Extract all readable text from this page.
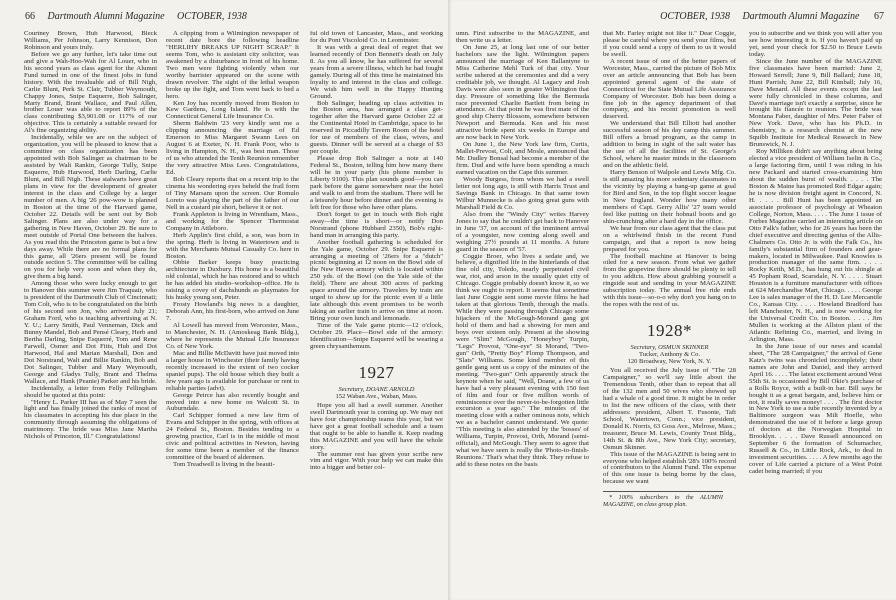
66 Dartmouth Alumni Magazine OCTOBER, 1938

Courtney Brown, Hub Harwood, Bleck Williams, Per Johnson, Larry Kennison, Don Robinson and yours truly.

Before we go any further, let's take time out and give a Wah-Hoo-Wah for Al Louer, who in his second years as class agent for the Alumni Fund turned in one of the finest jobs in fund history. With the invaluable aid of Bill Nigh, Carlie Blunt, Perk St. Clair, Tubber Weymouth, Chappy Jones, Snipe Esquerre, Bob Salinger, Marty Brand, Brant Wallace, and Paul Allen, brother Louer was able to report 89% of the class contributing $3,901.08 or 117% of our objective. This is certainly a suitable reward for Al's fine organizing ability.

Incidentally, while we are on the subject of organization, you will be pleased to know that a committee on class organization has been appointed with Bob Salinger as chairman to be assisted by Walt Rankin, George Tully, Snipe Esquerre, Hub Harwood, Herb Darling, Carlie Blunt, and Bill Nigh. These stalwarts have great plans in view for the development of greater interest in the class and College by a larger number of men. A big '26 pow-wow is planned in Boston at the time of the Harvard game, October 22. Details will be sent out by Bob Salinger. Plans are also under way for a gathering in New Haven, October 29. Be sure to meet outside of Portal One between the halves. As you read this the Princeton game is but a few days away. While there are no formal plans for this game, all '26ers present will be found outside section 5. The committee will be calling on you for help very soon and when they do, give them a big hand.

Among those who were lucky enough to get to Hanover this summer were Jim Traquair, who is president of the Dartmouth Club of Cincinnati; Tom Colt, who is to be congratulated on the birth of his second son Jon, who arrived July 21; Graham Ford, who is teaching advertising at N. Y. U.; Larry Smith, Paul Venneman, Dick and Bunny Mandel, Bob and Pensé Cleary, Herb and Bertha Darling, Snipe Esquerré, Tom and Rene Farwell, Osmer and Dot Fitts, Hub and Dot Harwood, Hal and Marian Marshall, Don and Dot Norstrand, Walt and Billie Rankin, Bob and Dot Salinger, Tubber and Mary Weymouth, George and Gladys Tully, Brant and Thelma Wallace, and Hank (Peanie) Parker and his bride.

Incidentally, a letter from Felly Fellingham should be quoted at this point:

"Henry L. Parker III has as of May 7 seen the light and has finally joined the ranks of most of his classmates in accepting his due place in the community through assuming the obligations of matrimony. The bride was Miss Jane Martha Nichols of Princeton, Ill." Congratulations!

A clipping from a Wilmington newspaper of recent date bore the following headline "HERLIHY BREAKS UP NIGHT SCRAP." It seems Tom, who is assistant city solicitor, was awakened by a disturbance in front of his home. Two men were fighting violently when our worthy barrister appeared on the scene with drawn revolver. The sight of the lethal weapon broke up the fight, and Tom went back to bed a hero.

Ken Joy has recently moved from Boston to Kew Gardens, Long Island. He is with the Connecticut General Life Insurance Co.

Sherm Baldwin '23 very kindly sent me a clipping announcing the marriage of Ed Emerson to Miss Margaret Swann Lees on August 6 at Exeter, N. H. Frank Poor, who is living in Hampton, N. H., was best man. Those of us who attended the Tenth Reunion remember the very attractive Miss Lees. Congratulations, Ed.

Bob Cleary reports that on a recent trip to the cinema his wondering eyes beheld the frail form of Tiny Marsam upon the screen. Our Romulo Loreto was playing the part of the father of our Nell in a custard pie short, believe it or not.

Frank Appleton is living in Wrentham, Mass., and working for the Spencer Thermostat Company in Attleboro.

Herb Applin's first child, a son, was born in the spring. Herb is living in Watertown and is with the Merchants Mutual Casualty Co. here in Boston.

Obbie Barker keeps busy practicing architecture in Duxbury. His home is a beautiful old colonial, which he has restored and to which he has added his studio–workshop–office. He is raising a covey of dachshunds as playmates for his husky young son, Peter.

Frosty Howland's big news is a daughter, Deborah Ann, his first-born, who arrived on June 7.

Al Lowell has moved from Worcester, Mass., to Manchester, N. H. (Amoskeag Bank Bldg.), where he represents the Mutual Life Insurance Co. of New York.

Mac and Billie McDavitt have just moved into a larger house in Winchester (their family having recently increased to the extent of two cocker spaniel pups). The old house which they built a few years ago is available for purchase or rent to reliable parties (advt).

George Peirce has also recently bought and moved into a new home on Walcott St. in Auburndale.

Carl Schipper formed a new law firm of Evans and Schipper in the spring, with offices at 24 Federal St., Boston. Besides tending to a growing practice, Carl is in the middle of most civic and political activities in Newton, having for some time been a member of the finance committee of the board of aldermen.

Tom Treadwell is living in the beauti-

ful old town of Lancaster, Mass., and working for du Pont Viscoloid Co. in Leominster.

It was with a great deal of regret that we learned recently of Don Bennett's death on July 8. As you all know, he has suffered for several years from a severe illness, which he had fought gamely. During all of this time he maintained his loyalty to and interest in the class and college. We wish him well in the Happy Hunting Ground.

Bob Salinger, heading up class activities in the Boston area, has arranged a class get-together after the Harvard game October 22 at the Continental Hotel in Cambridge, space to be reserved in Piccadilly Tavern Room of the hotel for use of members of the class, wives, and guests. Dinner will be served at a charge of $3 per couple.

Please drop Bob Salinger a note at 140 Federal St., Boston, telling him how many there will be in your party (his phone number is Liberty 9100). This plan sounds good—you can park before the game somewhere near the hotel and walk to and from the stadium. There will be a leisurely hour before dinner and the evening is left free for those who have other plans.

Don't forget to get in touch with Bob right away—the time is short—or notify Don Norstrand (phone Hubbard 2350), Bob's right-hand man in arranging this party.

Another football gathering is scheduled for the Yale game, October 29. Snipe Esquerré is arranging a meeting of '26ers for a "dutch" picnic beginning at 12 noon on the Bowl side of the New Haven armory which is located within 250 yds. of the Bowl (on the Yale side of the field). There are about 300 acres of parking space around the armory. Travelers by train are urged to show up for the picnic even if a little late although this event promises to be worth taking an earlier train to arrive on time at noon. Bring your own lunch and lemonade.

Time of the Yale game picnic—12 o'clock, October 29. Place—Bowl side of the armory: Identification—Snipe Esquerré will be wearing a green chrysanthemum.

1927
Secretary, DOANE ARNOLD
152 Waban Ave., Waban, Mass.

Hope you all had a swell summer. Another swell Dartmouth year is coming up. We may not have four championship teams this year, but we have got a great football schedule and a team that ought to be able to handle it. Keep reading this MAGAZINE and you will have the whole story.

The summer rest has given your scribe new vim and vigor. With your help we can make this into a bigger and better col-

OCTOBER, 1938 Dartmouth Alumni Magazine 67

umn. First subscribe to the MAGAZINE, and then write us a letter.

On June 25, at long last one of our better bachelors saw the light. Wilmington papers announced the marriage of Ken Ballantyne to Miss Catherine Mehl Turk of that city. Your scribe ushered at the ceremonies and did a very creditable job, we thought. Al Lagacy and Josh Davis were also seen in greater Wilmington that day. Pressure of something like the Bermuda race prevented Charlie Bartlett from being in attendance. At that point he was first mate of the good ship Cherry Blossom, somewhere between Newport and Bermuda. Ken and his most attractive bride spent six weeks in Europe and are now back in New York.

On June 1, the New York law firm, Curtis, Mallet-Prevost, Colt, and Mosle, announced that Mr. Dudley Bonsal had become a member of the firm. Dud and wife have been spending a much earned vacation on the Cape this summer.

Woody Burgess, from whom we had a swell letter not long ago, is still with Harris Trust and Savings Bank in Chicago. In that same town Wilbur Munnecke is also going great guns with Marshall Field & Co.

Also from the "Windy City" writes Harvey Jones to say that he couldn't get back to Hanover in June '37, on account of the imminent arrival of a youngster, now coming along swell and weighing 27½ pounds at 11 months. A future guard in the season of '57.

Coggie Broer, who lives a sedate and, we believe, a dignified life in the hinterlands of that fine old city, Toledo, nearly perpetrated civil war, riot, and arson in the usually quiet city of Chicago. Coggie probably doesn't know it, so we think we ought to report. It seems that sometime last June Coggie sent some movie films he had taken at that glorious Tenth, through the mails. While they were passing through Chicago some hijackers of the McGough-Morand gang got hold of them and had a showing for men and boys over sixteen only. Present at the showing were "Slim" McGough, "Honeyboy" Turpin, "Legs" Provost, "One-eye" Si Morand, "Two-gun" Orth, "Pretty Boy" Flomp Thompson, and "Slats" Williams. Some kind member of this gentle gang sent us a copy of the minutes of the meeting. "Two-gun" Orth apparently struck the keynote when he said, "Well, Doane, a few of us have had a very pleasant evening with 150 feet of film and four or five million words of reminiscence over the never-to-be-forgotten little excursion a year ago." The minutes of the meeting close with a rather ominous note, which we as a bachelor cannot understand. We quote: "This meeting is also attended by the 'bosses' of Williams, Turpin, Provost, Orth, Morand (semi-official), and McGough. They seem to agree that what we have seen is really the 'Photo-to-finish-Reunions.' That's what they think. They refuse to add to these notes on the basis

that Mr. Farley might not like it." Dear Coggie, please be careful where you send your films, but if you could send a copy of them to us it would be swell.

A recent issue of one of the better papers of Worcester, Mass., carried the picture of Bob Mix over an article announcing that Bob has been appointed general agent of the state of Connecticut for the State Mutual Life Assurance Company of Worcester. Bob has been doing a fine job in the agency department of that company, and his recent promotion is well deserved.

We understand that Bill Elliott had another successful season of his day camp this summer. Bill offers a broad program, as the camp in addition to being in sight of the salt water has the use of all the facilities of St. George's School, where he master minds in the classroom and on the athletic field.

Harry Benson of Walpole and Lewis Mfg. Co. is still amazing his more sedentary classmates in the vicinity by playing a bang-up game at goal for Bird and Son, in the top flight soccer league in New England. Wonder how many other members of Capt. Gerry Allis' '27 team would feel like putting on their hobnail boots and go shin-crunching after a hard day in the office.

We hear from our class agent that the class put on a whirlwind finish in the recent Fund campaign, and that a report is now being prepared for you.

The football machine at Hanover is being oiled for a new season. From what we gather from the grapevine there should be plenty to tell to you addicts. How about grabbing yourself a ringside seat and sending in your MAGAZINE subscription today. The annual free ride ends with this issue—so-o-o why don't you hang on to the ropes with the rest of us.

1928*
Secretary, OSMUN SKINNER
Tucker, Anthony & Co.
120 Broadway, New York, N. Y.

You all received the July issue of "The '28 Campaigner," so we'll say little about the Tremendous Tenth, other than to repeat that all of the 132 men and 50 wives who showed up had a whale of a good time. It might be in order to list the new officers of the class, with their addresses: president, Albert T. Fusonie, Taft School, Watertown, Conn.; vice president, Donald K. Norris, 63 Goss Ave., Melrose, Mass.; treasurer, Bruce M. Lewis, County Trust Bldg., 14th St. & 8th Ave., New York City; secretary, Osmun Skinner.

This issue of the MAGAZINE is being sent to everyone who helped establish '28's 100% record of contributors to the Alumni Fund. The expense of this one issue is being borne by the class, because we want

* 100% subscribers to the ALUMNI MAGAZINE, on class group plan.

you to subscribe and we think you will after you see how interesting it is. If you haven't paid up yet, send your check for $2.50 to Bruce Lewis today.

Since the June number of the MAGAZINE five classmates have been married: June 2, Howard Serrell; June 9, Bill Ballard; June 18, Hunt Parrish; June 22, Bill Kimball; July 16, Dave Menard. All these events except the last were fully chronicled in these columns, and Dave's marriage isn't exactly a surprise, since he brought his fiancée to reunion. The bride was Montana Faber, daughter of Mrs. Peter Faber of New York. Dave, who has his Ph.D. in chemistry, is a research chemist at the new Squibb Institute for Medical Research in New Brunswick, N. J.

Roy Milliken didn't say anything about being elected a vice president of William Iselin & Co., a large factoring firm, until I was riding in his new Packard and started cross-examining him about the sudden burst of wealth. . . . . The Boston & Maine has promoted Red Edgar again; he is now division freight agent in Concord, N. H. . . . . Bill Hunt has been appointed an associate professor of psychology at Wheaton College, Norton, Mass. . . . . The June 1 issue of Forbes Magazine carried an interesting article on Otto Falk's father, who for 26 years has been the chief executive and directing genius of the Allis-Chalmers Co. Otto Jr. is with the Falk Co., his family's substantial firm of founders and gear-makers, located in Milwaukee. Paul Knowles is production manager of the same firm. . . . . Rocky Keith, M.D., has hung out his shingle at 45 Popham Road, Scarsdale, N. Y. . . . . Stuart Houston is a furniture manufacturer with offices at 624 Merchandise Mart, Chicago. . . . . George Lee is sales manager of the H. D. Lee Mercantile Co., Kansas City. . . . . Howland Bradford has left Manchester, N. H., and is now working for the Universal Credit Co. in Boston. . . . . Jim Mullen is working at the Allston plant of the Atlantic Refining Co., married, and living in Arlington, Mass.

In the June issue of our news and scandal sheet, "The '28 Campaigner," the arrival of Gene Katz's twins was chronicled incompletely; their names are John and Daniel, and they arrived April 16. . . . . The latest excitement around West 55th St. is occasioned by Bill Okie's purchase of a Rolls Royce, with a built-in bar. Bill says he bought it as a great bargain, and, believe him or not, it really saves money! . . . . The first doctor in New York to use a tube recently invented by a Baltimore surgeon was Milt Hoefle, who demonstrated the use of it before a large group of doctors at the Norwegian Hospital in Brooklyn. . . . . Dave Russell announced on September 6 the formation of Schumacher, Russell & Co., in Little Rock, Ark., to deal in investment securities. . . . . A few months ago the cover of Life carried a picture of a West Point cadet being married; if you
